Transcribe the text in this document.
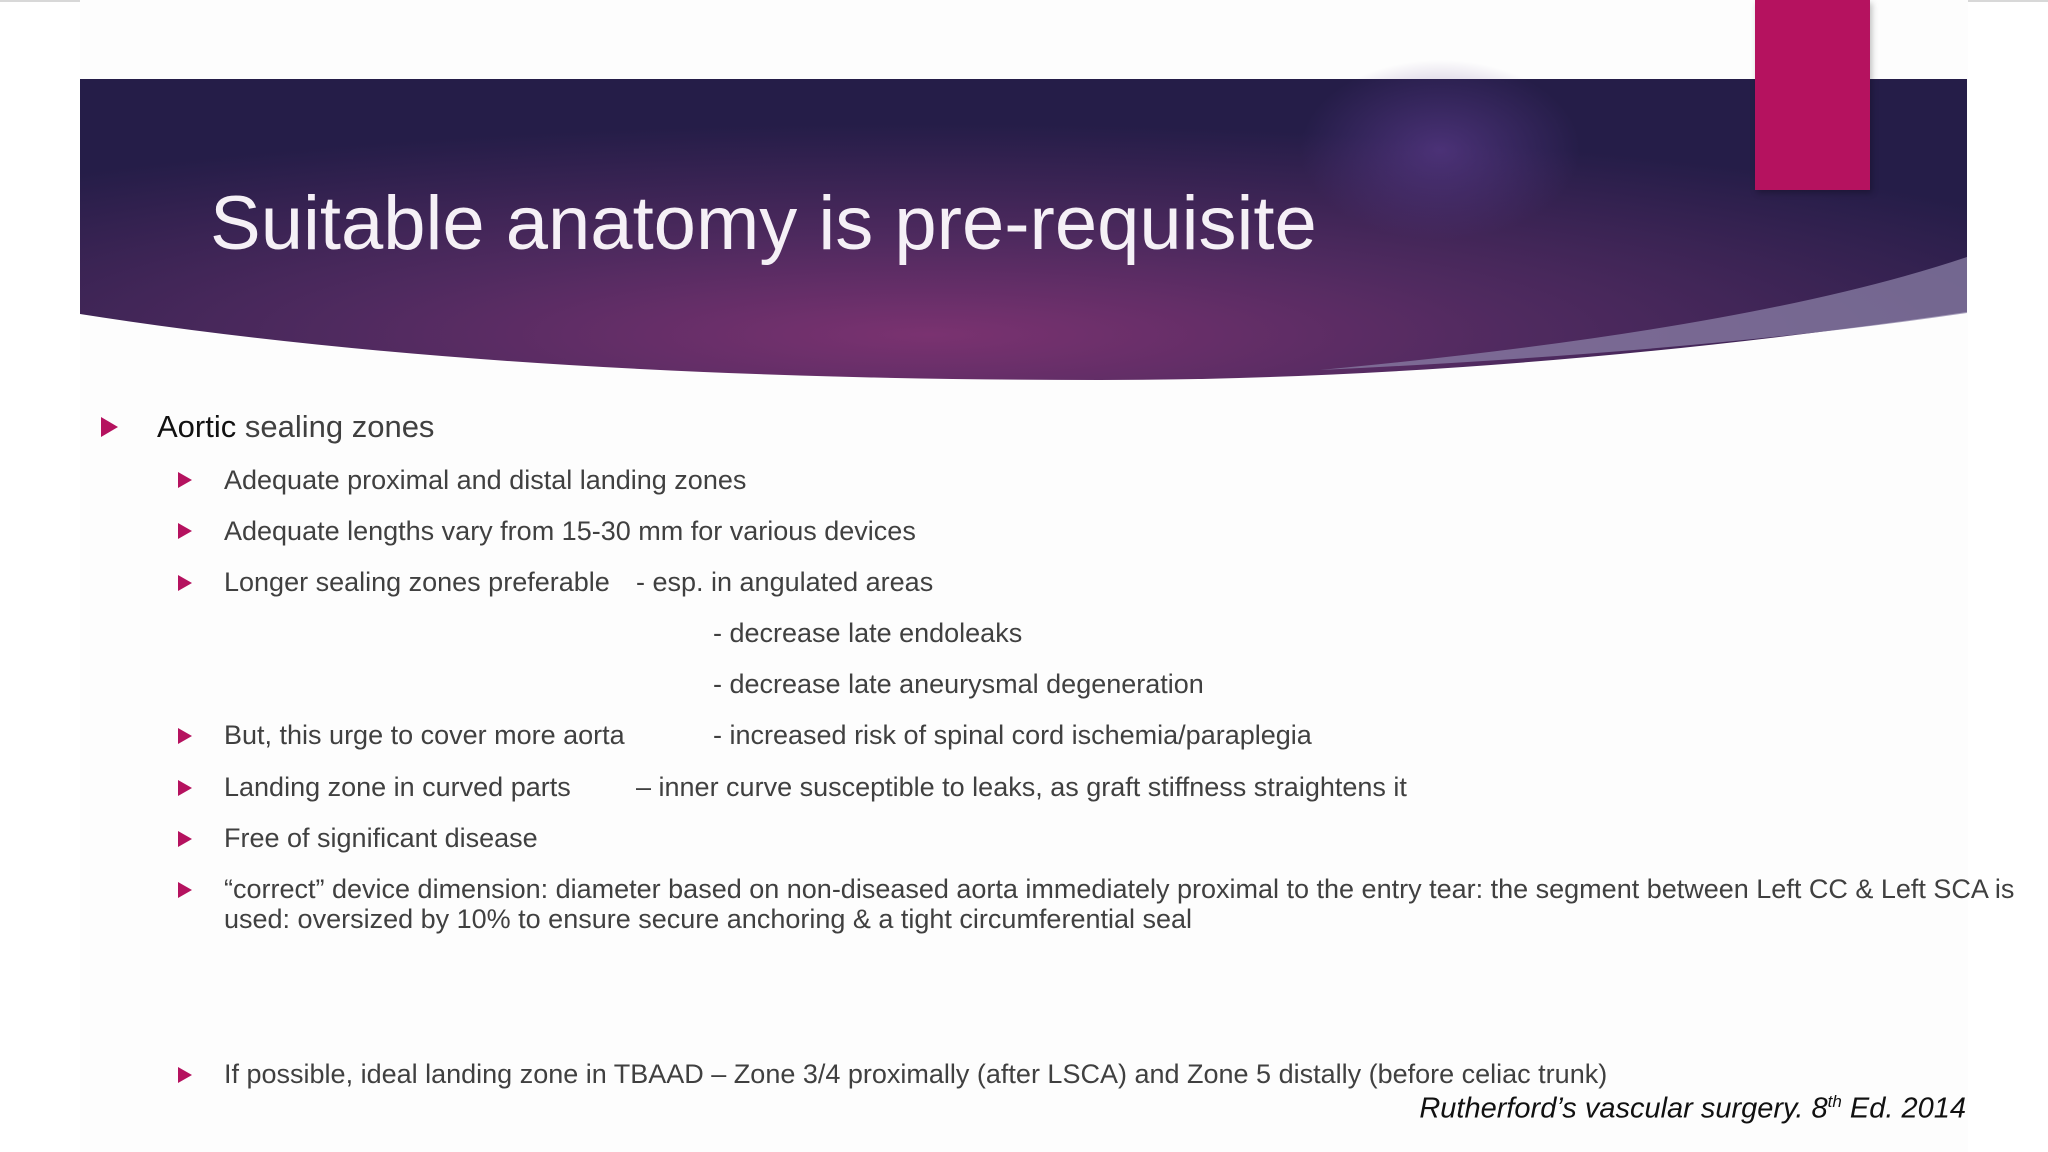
Suitable anatomy is pre-requisite
Aortic sealing zones
Adequate proximal and distal landing zones
Adequate lengths vary from 15-30 mm for various devices
Longer sealing zones preferable - esp. in angulated areas
- decrease late endoleaks
- decrease late aneurysmal degeneration
But, this urge to cover more aorta	- increased risk of spinal cord ischemia/paraplegia
Landing zone in curved parts – inner curve susceptible to leaks, as graft stiffness straightens it
Free of significant disease
“correct” device dimension: diameter based on non-diseased aorta immediately proximal to the entry tear: the segment between Left CC & Left SCA is used: oversized by 10% to ensure secure anchoring & a tight circumferential seal
If possible, ideal landing zone in TBAAD – Zone 3/4 proximally (after LSCA) and Zone 5 distally (before celiac trunk)
Rutherford’s vascular surgery. 8th Ed. 2014
